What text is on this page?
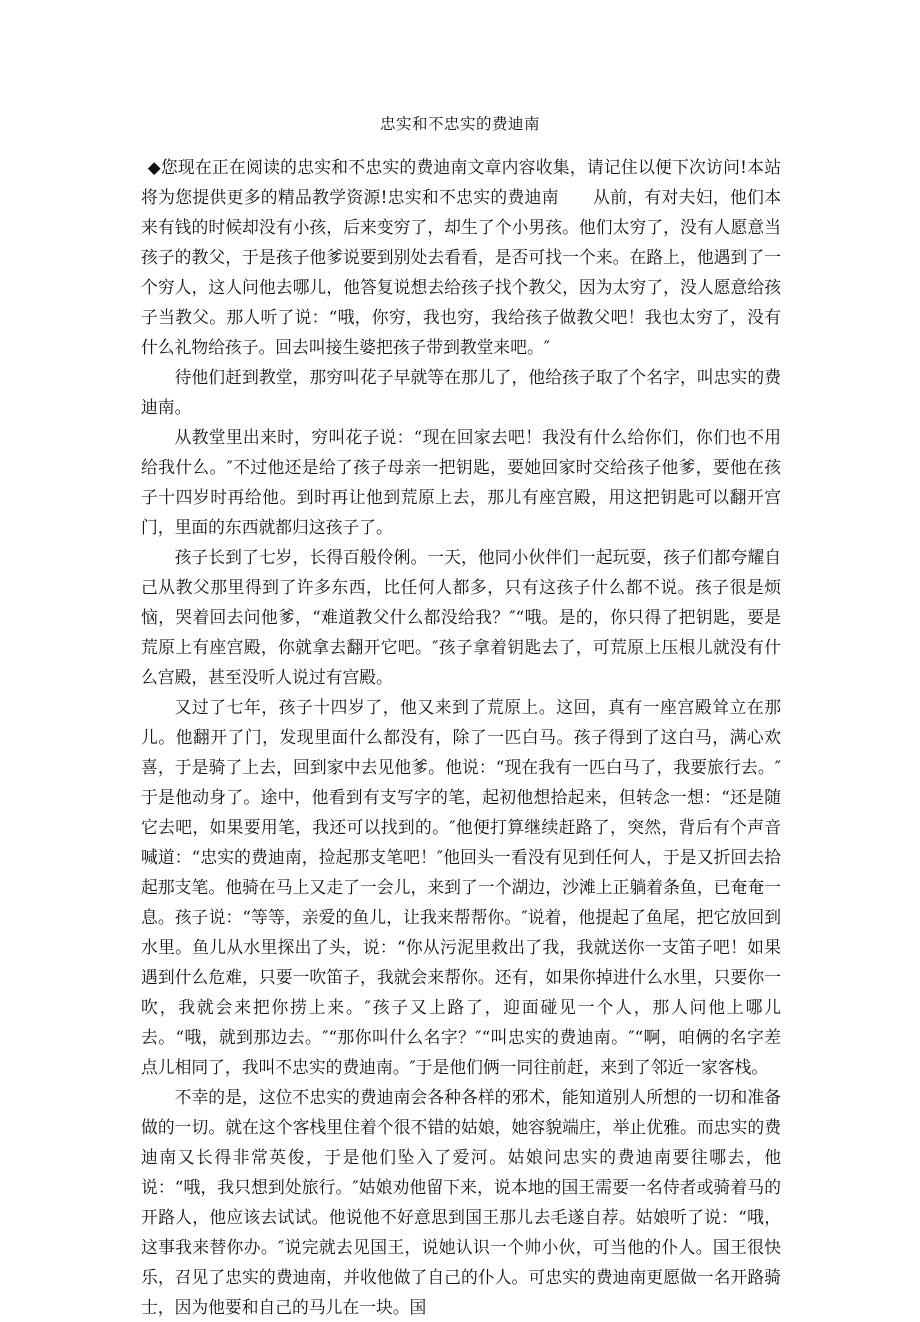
忠实和不忠实的费迪南

◆您现在正在阅读的忠实和不忠实的费迪南文章内容收集，请记住以便下次访问!本站将为您提供更多的精品教学资源!忠实和不忠实的费迪南　　从前，有对夫妇，他们本来有钱的时候却没有小孩，后来变穷了，却生了个小男孩。他们太穷了，没有人愿意当孩子的教父，于是孩子他爹说要到别处去看看，是否可找一个来。在路上，他遇到了一个穷人，这人问他去哪儿，他答复说想去给孩子找个教父，因为太穷了，没人愿意给孩子当教父。那人听了说：“哦，你穷，我也穷，我给孩子做教父吧！我也太穷了，没有什么礼物给孩子。回去叫接生婆把孩子带到教堂来吧。″

待他们赶到教堂，那穷叫花子早就等在那儿了，他给孩子取了个名字，叫忠实的费迪南。

从教堂里出来时，穷叫花子说：“现在回家去吧！我没有什么给你们，你们也不用给我什么。″不过他还是给了孩子母亲一把钥匙，要她回家时交给孩子他爹，要他在孩子十四岁时再给他。到时再让他到荒原上去，那儿有座宫殿，用这把钥匙可以翻开宫门，里面的东西就都归这孩子了。

孩子长到了七岁，长得百般伶俐。一天，他同小伙伴们一起玩耍，孩子们都夸耀自己从教父那里得到了许多东西，比任何人都多，只有这孩子什么都不说。孩子很是烦恼，哭着回去问他爹，“难道教父什么都没给我？″“哦。是的，你只得了把钥匙，要是荒原上有座宫殿，你就拿去翻开它吧。″孩子拿着钥匙去了，可荒原上压根儿就没有什么宫殿，甚至没听人说过有宫殿。

又过了七年，孩子十四岁了，他又来到了荒原上。这回，真有一座宫殿耸立在那儿。他翻开了门，发现里面什么都没有，除了一匹白马。孩子得到了这白马，满心欢喜，于是骑了上去，回到家中去见他爹。他说：“现在我有一匹白马了，我要旅行去。″于是他动身了。途中，他看到有支写字的笔，起初他想拾起来，但转念一想：“还是随它去吧，如果要用笔，我还可以找到的。″他便打算继续赶路了，突然，背后有个声音喊道：“忠实的费迪南，捡起那支笔吧！″他回头一看没有见到任何人，于是又折回去拾起那支笔。他骑在马上又走了一会儿，来到了一个湖边，沙滩上正躺着条鱼，已奄奄一息。孩子说：“等等，亲爱的鱼儿，让我来帮帮你。″说着，他提起了鱼尾，把它放回到水里。鱼儿从水里探出了头，说：“你从污泥里救出了我，我就送你一支笛子吧！如果遇到什么危难，只要一吹笛子，我就会来帮你。还有，如果你掉进什么水里，只要你一吹，我就会来把你捞上来。″孩子又上路了，迎面碰见一个人，那人问他上哪儿去。“哦，就到那边去。″“那你叫什么名字？″“叫忠实的费迪南。″“啊，咱俩的名字差点儿相同了，我叫不忠实的费迪南。″于是他们俩一同往前赶，来到了邻近一家客栈。

不幸的是，这位不忠实的费迪南会各种各样的邪术，能知道别人所想的一切和准备做的一切。就在这个客栈里住着个很不错的姑娘，她容貌端庄，举止优雅。而忠实的费迪南又长得非常英俊，于是他们坠入了爱河。姑娘问忠实的费迪南要往哪去，他说：“哦，我只想到处旅行。″姑娘劝他留下来，说本地的国王需要一名侍者或骑着马的开路人，他应该去试试。他说他不好意思到国王那儿去毛遂自荐。姑娘听了说：“哦，这事我来替你办。″说完就去见国王，说她认识一个帅小伙，可当他的仆人。国王很快乐，召见了忠实的费迪南，并收他做了自己的仆人。可忠实的费迪南更愿做一名开路骑士，因为他要和自己的马儿在一块。国
